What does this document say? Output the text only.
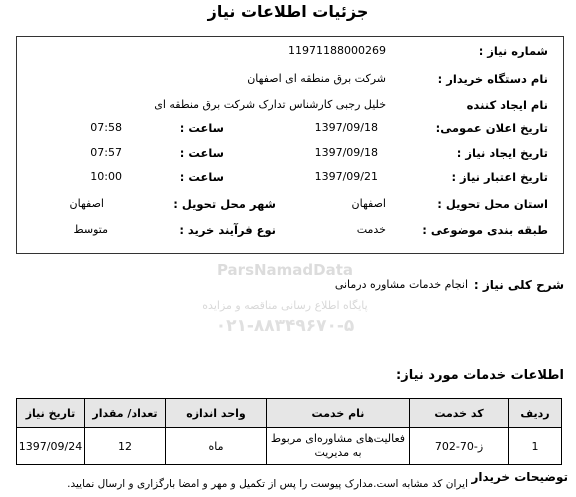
جزئیات اطلاعات نیاز
شماره نیاز :
11971188000269
نام دستگاه خریدار :
شرکت برق منطقه ای اصفهان
نام ایجاد کننده
خلیل رجبی کارشناس تدارک شرکت برق منطقه ای
تاریخ اعلان عمومی:
1397/09/18
ساعت :
07:58
تاریخ ایجاد نیاز :
1397/09/18
ساعت :
07:57
تاریخ اعتبار نیاز :
1397/09/21
ساعت :
10:00
استان محل تحویل :
اصفهان
شهر محل تحویل :
اصفهان
طبقه بندی موضوعی :
خدمت
نوع فرآیند خرید :
متوسط
ParsNamadData
پایگاه اطلاع رسانی مناقصه و مزایده
۰۲۱-۸۸۳۴۹۶۷۰-۵
شرح کلی نیاز :
انجام خدمات مشاوره درمانی
اطلاعات خدمات مورد نیاز:
ردیف	کد خدمت	نام خدمت	واحد اندازه	تعداد/ مقدار	تاریخ نیاز
1	ز-70-702	فعالیت‌های مشاوره‌ای مربوط به مدیریت	ماه	12	1397/09/24
توضیحات خریدار
ایران کد مشابه است.مدارک پیوست را پس از تکمیل و مهر و امضا بارگزاری و ارسال نمایید.
